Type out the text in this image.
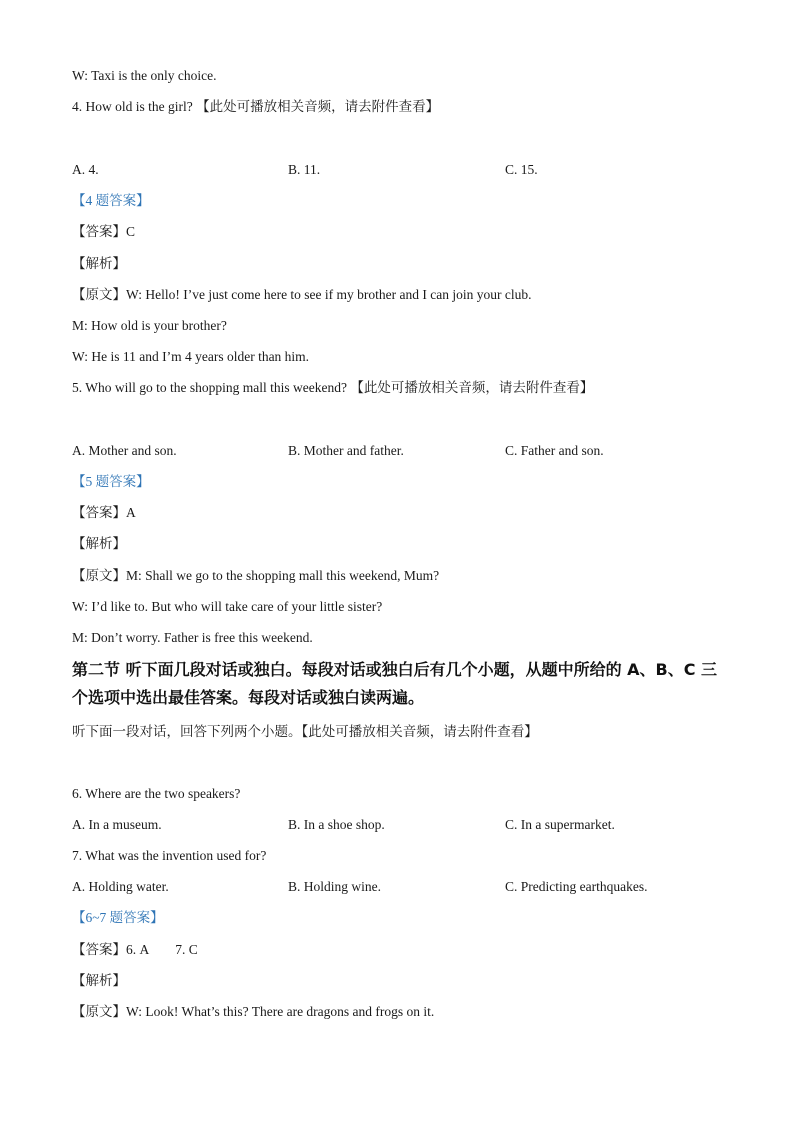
W: Taxi is the only choice.
4. How old is the girl? 【此处可播放相关音频，请去附件查看】
A. 4.	B. 11.	C. 15.
【4 题答案】
【答案】C
【解析】
【原文】W: Hello! I’ve just come here to see if my brother and I can join your club.
M: How old is your brother?
W: He is 11 and I’m 4 years older than him.
5. Who will go to the shopping mall this weekend? 【此处可播放相关音频，请去附件查看】
A. Mother and son.	B. Mother and father.	C. Father and son.
【5 题答案】
【答案】A
【解析】
【原文】M: Shall we go to the shopping mall this weekend, Mum?
W: I’d like to. But who will take care of your little sister?
M: Don’t worry. Father is free this weekend.
第二节 听下面几段对话或独白。每段对话或独白后有几个小题，从题中所给的 A、B、C 三个选项中选出最佳答案。每段对话或独白读两遍。
听下面一段对话，回答下列两个小题。【此处可播放相关音频，请去附件查看】
6. Where are the two speakers?
A. In a museum.	B. In a shoe shop.	C. In a supermarket.
7. What was the invention used for?
A. Holding water.	B. Holding wine.	C. Predicting earthquakes.
【6~7 题答案】
【答案】6. A 7. C
【解析】
【原文】W: Look! What’s this? There are dragons and frogs on it.
